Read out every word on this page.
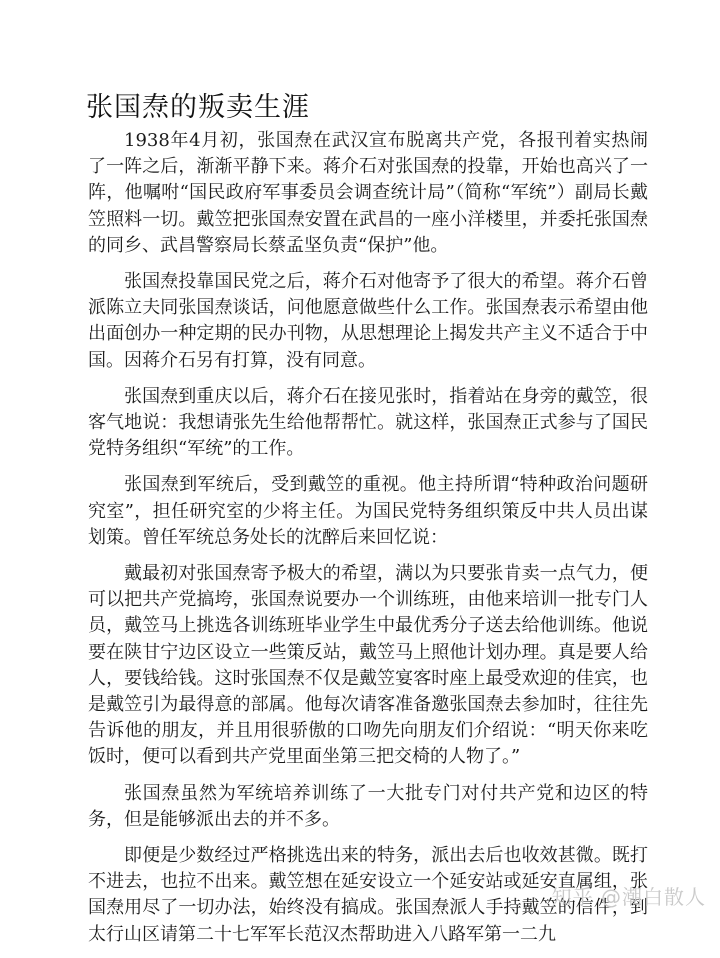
张国焘的叛卖生涯

1938年4月初，张国焘在武汉宣布脱离共产党，各报刊着实热闹了一阵之后，渐渐平静下来。蒋介石对张国焘的投靠，开始也高兴了一阵，他嘱咐“国民政府军事委员会调查统计局”（简称“军统”）副局长戴笠照料一切。戴笠把张国焘安置在武昌的一座小洋楼里，并委托张国焘的同乡、武昌警察局长蔡孟坚负责“保护”他。

张国焘投靠国民党之后，蒋介石对他寄予了很大的希望。蒋介石曾派陈立夫同张国焘谈话，问他愿意做些什么工作。张国焘表示希望由他出面创办一种定期的民办刊物，从思想理论上揭发共产主义不适合于中国。因蒋介石另有打算，没有同意。

张国焘到重庆以后，蒋介石在接见张时，指着站在身旁的戴笠，很客气地说：我想请张先生给他帮帮忙。就这样，张国焘正式参与了国民党特务组织“军统”的工作。

张国焘到军统后，受到戴笠的重视。他主持所谓“特种政治问题研究室”，担任研究室的少将主任。为国民党特务组织策反中共人员出谋划策。曾任军统总务处长的沈醉后来回忆说：

戴最初对张国焘寄予极大的希望，满以为只要张肯卖一点气力，便可以把共产党搞垮，张国焘说要办一个训练班，由他来培训一批专门人员，戴笠马上挑选各训练班毕业学生中最优秀分子送去给他训练。他说要在陕甘宁边区设立一些策反站，戴笠马上照他计划办理。真是要人给人，要钱给钱。这时张国焘不仅是戴笠宴客时座上最受欢迎的佳宾，也是戴笠引为最得意的部属。他每次请客准备邀张国焘去参加时，往往先告诉他的朋友，并且用很骄傲的口吻先向朋友们介绍说：“明天你来吃饭时，便可以看到共产党里面坐第三把交椅的人物了。”

张国焘虽然为军统培养训练了一大批专门对付共产党和边区的特务，但是能够派出去的并不多。

即便是少数经过严格挑选出来的特务，派出去后也收效甚微。既打不进去，也拉不出来。戴笠想在延安设立一个延安站或延安直属组，张国焘用尽了一切办法，始终没有搞成。张国焘派人手持戴笠的信件，到太行山区请第二十七军军长范汉杰帮助进入八路军第一二九

知乎 @潮白散人
